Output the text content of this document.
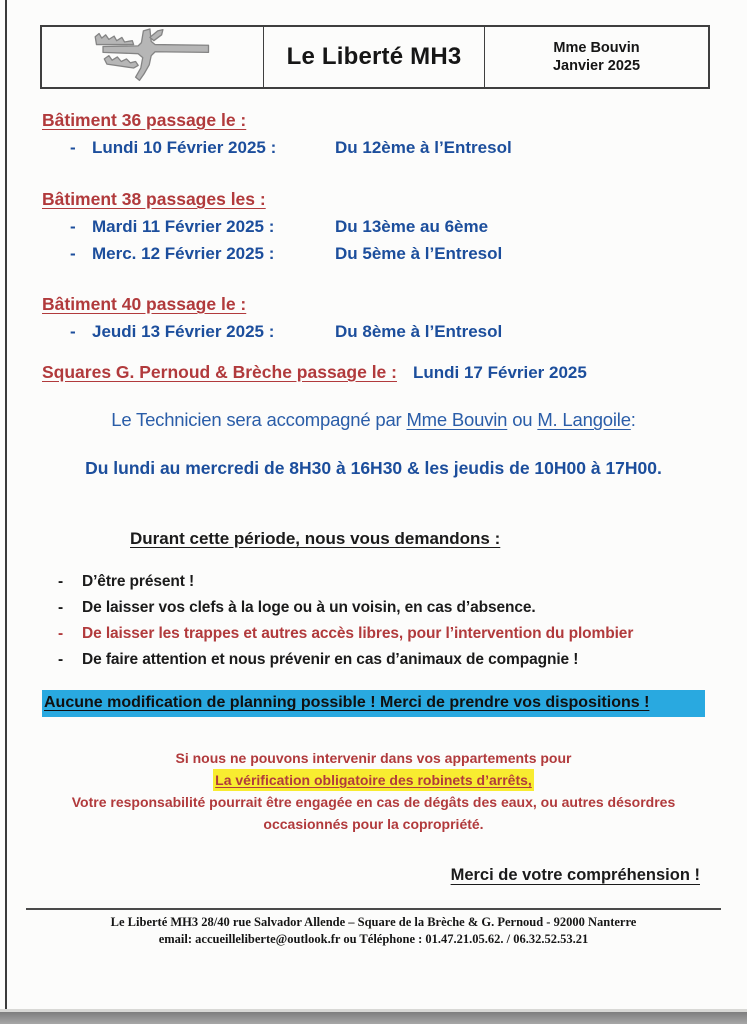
Le Liberté MH3	Mme Bouvin
Janvier 2025
Bâtiment 36 passage le :
- Lundi 10 Février 2025 :	Du 12ème à l’Entresol
Bâtiment 38 passages les :
- Mardi 11 Février 2025 :	Du 13ème au 6ème
- Merc. 12 Février 2025 :	Du 5ème à l’Entresol
Bâtiment 40 passage le :
- Jeudi 13 Février 2025 :	Du 8ème à l’Entresol
Squares G. Pernoud & Brèche passage le : Lundi 17 Février 2025
Le Technicien sera accompagné par Mme Bouvin ou M. Langoile:
Du lundi au mercredi de 8H30 à 16H30 & les jeudis de 10H00 à 17H00.
Durant cette période, nous vous demandons :
-	D’être présent !
-	De laisser vos clefs à la loge ou à un voisin, en cas d’absence.
-	De laisser les trappes et autres accès libres, pour l’intervention du plombier
-	De faire attention et nous prévenir en cas d’animaux de compagnie !
Aucune modification de planning possible ! Merci de prendre vos dispositions !
Si nous ne pouvons intervenir dans vos appartements pour
La vérification obligatoire des robinets d’arrêts,
Votre responsabilité pourrait être engagée en cas de dégâts des eaux, ou autres désordres
occasionnés pour la copropriété.
Merci de votre compréhension !
Le Liberté MH3 28/40 rue Salvador Allende – Square de la Brèche & G. Pernoud - 92000 Nanterre
email: accueilleliberte@outlook.fr ou Téléphone : 01.47.21.05.62. / 06.32.52.53.21
